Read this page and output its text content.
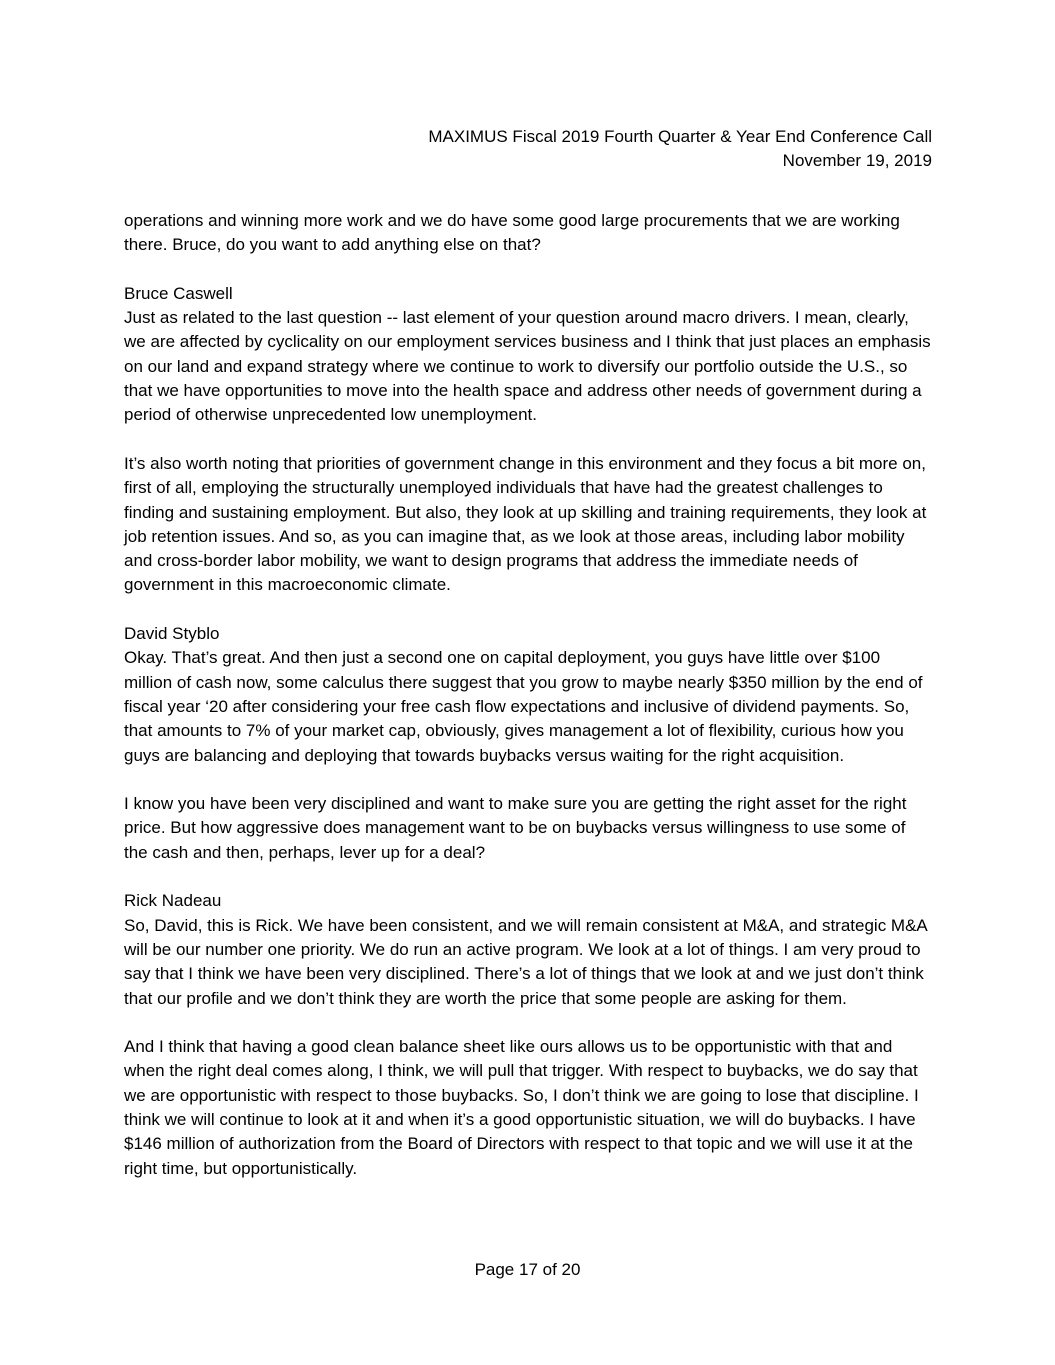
MAXIMUS Fiscal 2019 Fourth Quarter & Year End Conference Call
November 19, 2019

operations and winning more work and we do have some good large procurements that we are working there. Bruce, do you want to add anything else on that?

Bruce Caswell

Just as related to the last question -- last element of your question around macro drivers. I mean, clearly, we are affected by cyclicality on our employment services business and I think that just places an emphasis on our land and expand strategy where we continue to work to diversify our portfolio outside the U.S., so that we have opportunities to move into the health space and address other needs of government during a period of otherwise unprecedented low unemployment.

It’s also worth noting that priorities of government change in this environment and they focus a bit more on, first of all, employing the structurally unemployed individuals that have had the greatest challenges to finding and sustaining employment. But also, they look at up skilling and training requirements, they look at job retention issues. And so, as you can imagine that, as we look at those areas, including labor mobility and cross-border labor mobility, we want to design programs that address the immediate needs of government in this macroeconomic climate.

David Styblo

Okay. That’s great. And then just a second one on capital deployment, you guys have little over $100 million of cash now, some calculus there suggest that you grow to maybe nearly $350 million by the end of fiscal year ‘20 after considering your free cash flow expectations and inclusive of dividend payments. So, that amounts to 7% of your market cap, obviously, gives management a lot of flexibility, curious how you guys are balancing and deploying that towards buybacks versus waiting for the right acquisition.

I know you have been very disciplined and want to make sure you are getting the right asset for the right price. But how aggressive does management want to be on buybacks versus willingness to use some of the cash and then, perhaps, lever up for a deal?

Rick Nadeau

So, David, this is Rick. We have been consistent, and we will remain consistent at M&A, and strategic M&A will be our number one priority. We do run an active program. We look at a lot of things. I am very proud to say that I think we have been very disciplined. There’s a lot of things that we look at and we just don’t think that our profile and we don’t think they are worth the price that some people are asking for them.

And I think that having a good clean balance sheet like ours allows us to be opportunistic with that and when the right deal comes along, I think, we will pull that trigger. With respect to buybacks, we do say that we are opportunistic with respect to those buybacks. So, I don’t think we are going to lose that discipline. I think we will continue to look at it and when it’s a good opportunistic situation, we will do buybacks. I have $146 million of authorization from the Board of Directors with respect to that topic and we will use it at the right time, but opportunistically.

Page 17 of 20
